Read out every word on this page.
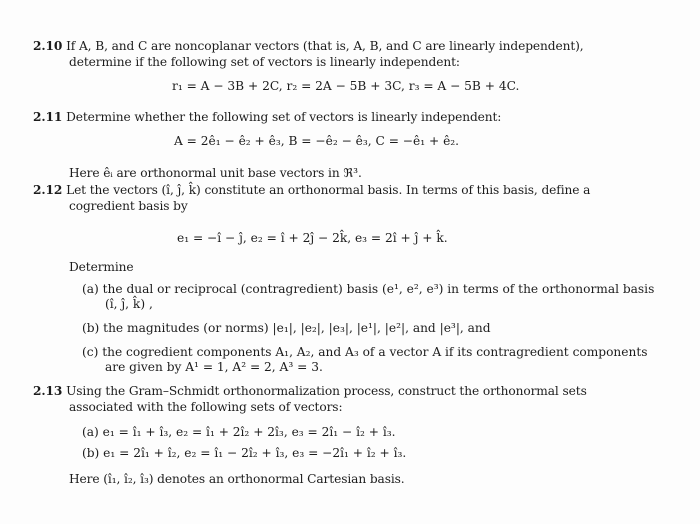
2.10 If A, B, and C are noncoplanar vectors (that is, A, B, and C are linearly independent),
determine if the following set of vectors is linearly independent:
r₁ = A − 3B + 2C, r₂ = 2A − 5B + 3C, r₃ = A − 5B + 4C.
2.11 Determine whether the following set of vectors is linearly independent:
A = 2ê₁ − ê₂ + ê₃, B = −ê₂ − ê₃, C = −ê₁ + ê₂.
Here êᵢ are orthonormal unit base vectors in ℜ³.
2.12 Let the vectors (î, ĵ, k̂) constitute an orthonormal basis. In terms of this basis, define a
cogredient basis by
e₁ = −î − ĵ, e₂ = î + 2ĵ − 2k̂, e₃ = 2î + ĵ + k̂.
Determine
(a) the dual or reciprocal (contragredient) basis (e¹, e², e³) in terms of the orthonormal basis
(î, ĵ, k̂) ,
(b) the magnitudes (or norms) |e₁|, |e₂|, |e₃|, |e¹|, |e²|, and |e³|, and
(c) the cogredient components A₁, A₂, and A₃ of a vector A if its contragredient components
are given by A¹ = 1, A² = 2, A³ = 3.
2.13 Using the Gram–Schmidt orthonormalization process, construct the orthonormal sets
associated with the following sets of vectors:
(a) e₁ = î₁ + î₃, e₂ = î₁ + 2î₂ + 2î₃, e₃ = 2î₁ − î₂ + î₃.
(b) e₁ = 2î₁ + î₂, e₂ = î₁ − 2î₂ + î₃, e₃ = −2î₁ + î₂ + î₃.
Here (î₁, î₂, î₃) denotes an orthonormal Cartesian basis.
